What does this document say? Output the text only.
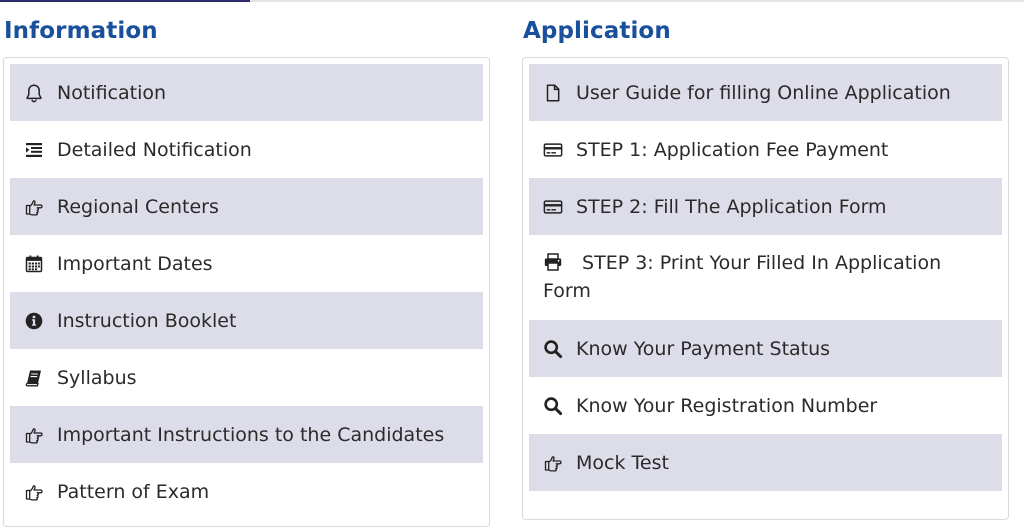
Information
Notification
Detailed Notification
Regional Centers
Important Dates
Instruction Booklet
Syllabus
Important Instructions to the Candidates
Pattern of Exam
Application
User Guide for filling Online Application
STEP 1: Application Fee Payment
STEP 2: Fill The Application Form
STEP 3: Print Your Filled In Application Form
Know Your Payment Status
Know Your Registration Number
Mock Test
